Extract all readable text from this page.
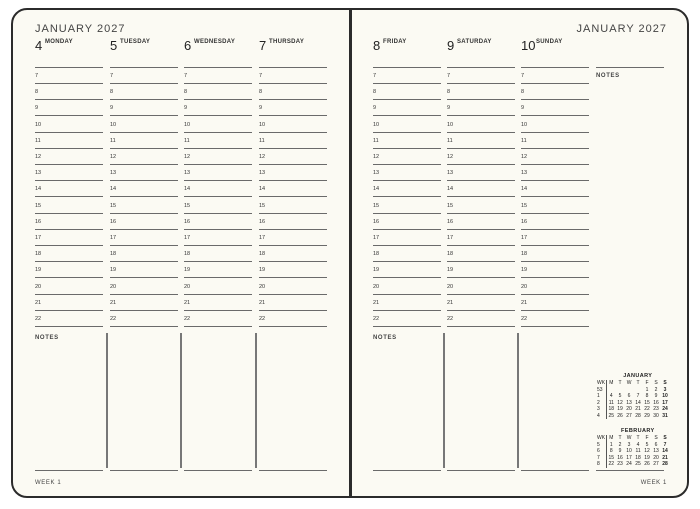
JANUARY 2027
WEEK 1
NOTES
4 MONDAY
7
8
9
10
11
12
13
14
15
16
17
18
19
20
21
22
5 TUESDAY
7
8
9
10
11
12
13
14
15
16
17
18
19
20
21
22
6 WEDNESDAY
7
8
9
10
11
12
13
14
15
16
17
18
19
20
21
22
7 THURSDAY
7
8
9
10
11
12
13
14
15
16
17
18
19
20
21
22
JANUARY 2027
WEEK 1
NOTES
NOTES
8 FRIDAY
7
8
9
10
11
12
13
14
15
16
17
18
19
20
21
22
9 SATURDAY
7
8
9
10
11
12
13
14
15
16
17
18
19
20
21
22
10 SUNDAY
7
8
9
10
11
12
13
14
15
16
17
18
19
20
21
22
JANUARY
WK	M	T	W	T	F	S	S
53					1	2	3
1	4	5	6	7	8	9	10
2	11	12	13	14	15	16	17
3	18	19	20	21	22	23	24
4	25	26	27	28	29	30	31
FEBRUARY
WK	M	T	W	T	F	S	S
5	1	2	3	4	5	6	7
6	8	9	10	11	12	13	14
7	15	16	17	18	19	20	21
8	22	23	24	25	26	27	28
